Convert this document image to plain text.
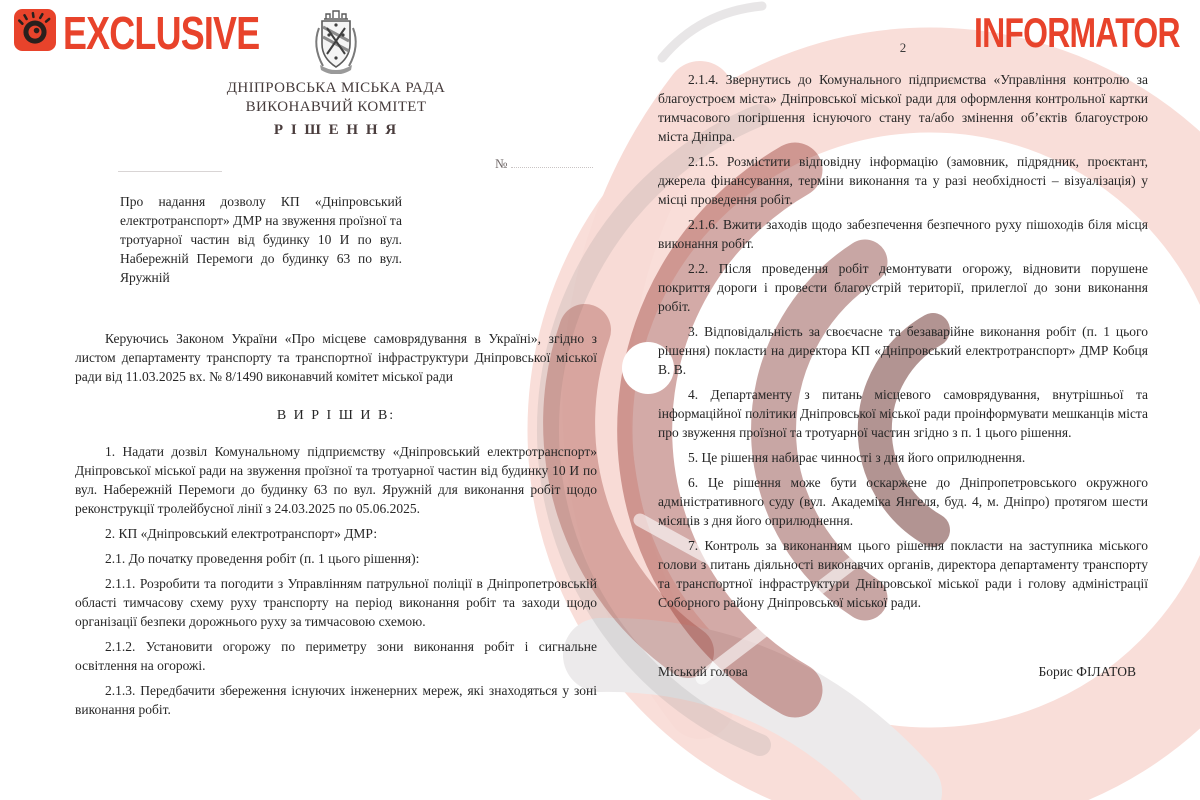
EXCLUSIVE	INFORMATOR
ДНІПРОВСЬКА МІСЬКА РАДА
ВИКОНАВЧИЙ КОМІТЕТ
Р І Ш Е Н Н Я
№
Про надання дозволу КП «Дніпровський електротранспорт» ДМР на звуження проїзної та тротуарної частин від будинку 10 И по вул. Набережній Перемоги до будинку 63 по вул. Яружній
Керуючись Законом України «Про місцеве самоврядування в Україні», згідно з листом департаменту транспорту та транспортної інфраструктури Дніпровської міської ради від 11.03.2025 вх. № 8/1490 виконавчий комітет міської ради
В И Р І Ш И В:
1. Надати дозвіл Комунальному підприємству «Дніпровський електротранспорт» Дніпровської міської ради на звуження проїзної та тротуарної частин від будинку 10 И по вул. Набережній Перемоги до будинку 63 по вул. Яружній для виконання робіт щодо реконструкції тролейбусної лінії з 24.03.2025 по 05.06.2025.
2. КП «Дніпровський електротранспорт» ДМР:
2.1. До початку проведення робіт (п. 1 цього рішення):
2.1.1. Розробити та погодити з Управлінням патрульної поліції в Дніпропетровській області тимчасову схему руху транспорту на період виконання робіт та заходи щодо організації безпеки дорожнього руху за тимчасовою схемою.
2.1.2. Установити огорожу по периметру зони виконання робіт і сигнальне освітлення на огорожі.
2.1.3. Передбачити збереження існуючих інженерних мереж, які знаходяться у зоні виконання робіт.
2
2.1.4. Звернутись до Комунального підприємства «Управління контролю за благоустроєм міста» Дніпровської міської ради для оформлення контрольної картки тимчасового погіршення існуючого стану та/або змінення об’єктів благоустрою міста Дніпра.
2.1.5. Розмістити відповідну інформацію (замовник, підрядник, проєктант, джерела фінансування, терміни виконання та у разі необхідності – візуалізація) у місці проведення робіт.
2.1.6. Вжити заходів щодо забезпечення безпечного руху пішоходів біля місця виконання робіт.
2.2. Після проведення робіт демонтувати огорожу, відновити порушене покриття дороги і провести благоустрій території, прилеглої до зони виконання робіт.
3. Відповідальність за своєчасне та безаварійне виконання робіт (п. 1 цього рішення) покласти на директора КП «Дніпровський електротранспорт» ДМР Кобця В. В.
4. Департаменту з питань місцевого самоврядування, внутрішньої та інформаційної політики Дніпровської міської ради проінформувати мешканців міста про звуження проїзної та тротуарної частин згідно з п. 1 цього рішення.
5. Це рішення набирає чинності з дня його оприлюднення.
6. Це рішення може бути оскаржене до Дніпропетровського окружного адміністративного суду (вул. Академіка Янгеля, буд. 4, м. Дніпро) протягом шести місяців з дня його оприлюднення.
7. Контроль за виконанням цього рішення покласти на заступника міського голови з питань діяльності виконавчих органів, директора департаменту транспорту та транспортної інфраструктури Дніпровської міської ради і голову адміністрації Соборного району Дніпровської міської ради.
Міський голова	Борис ФІЛАТОВ
